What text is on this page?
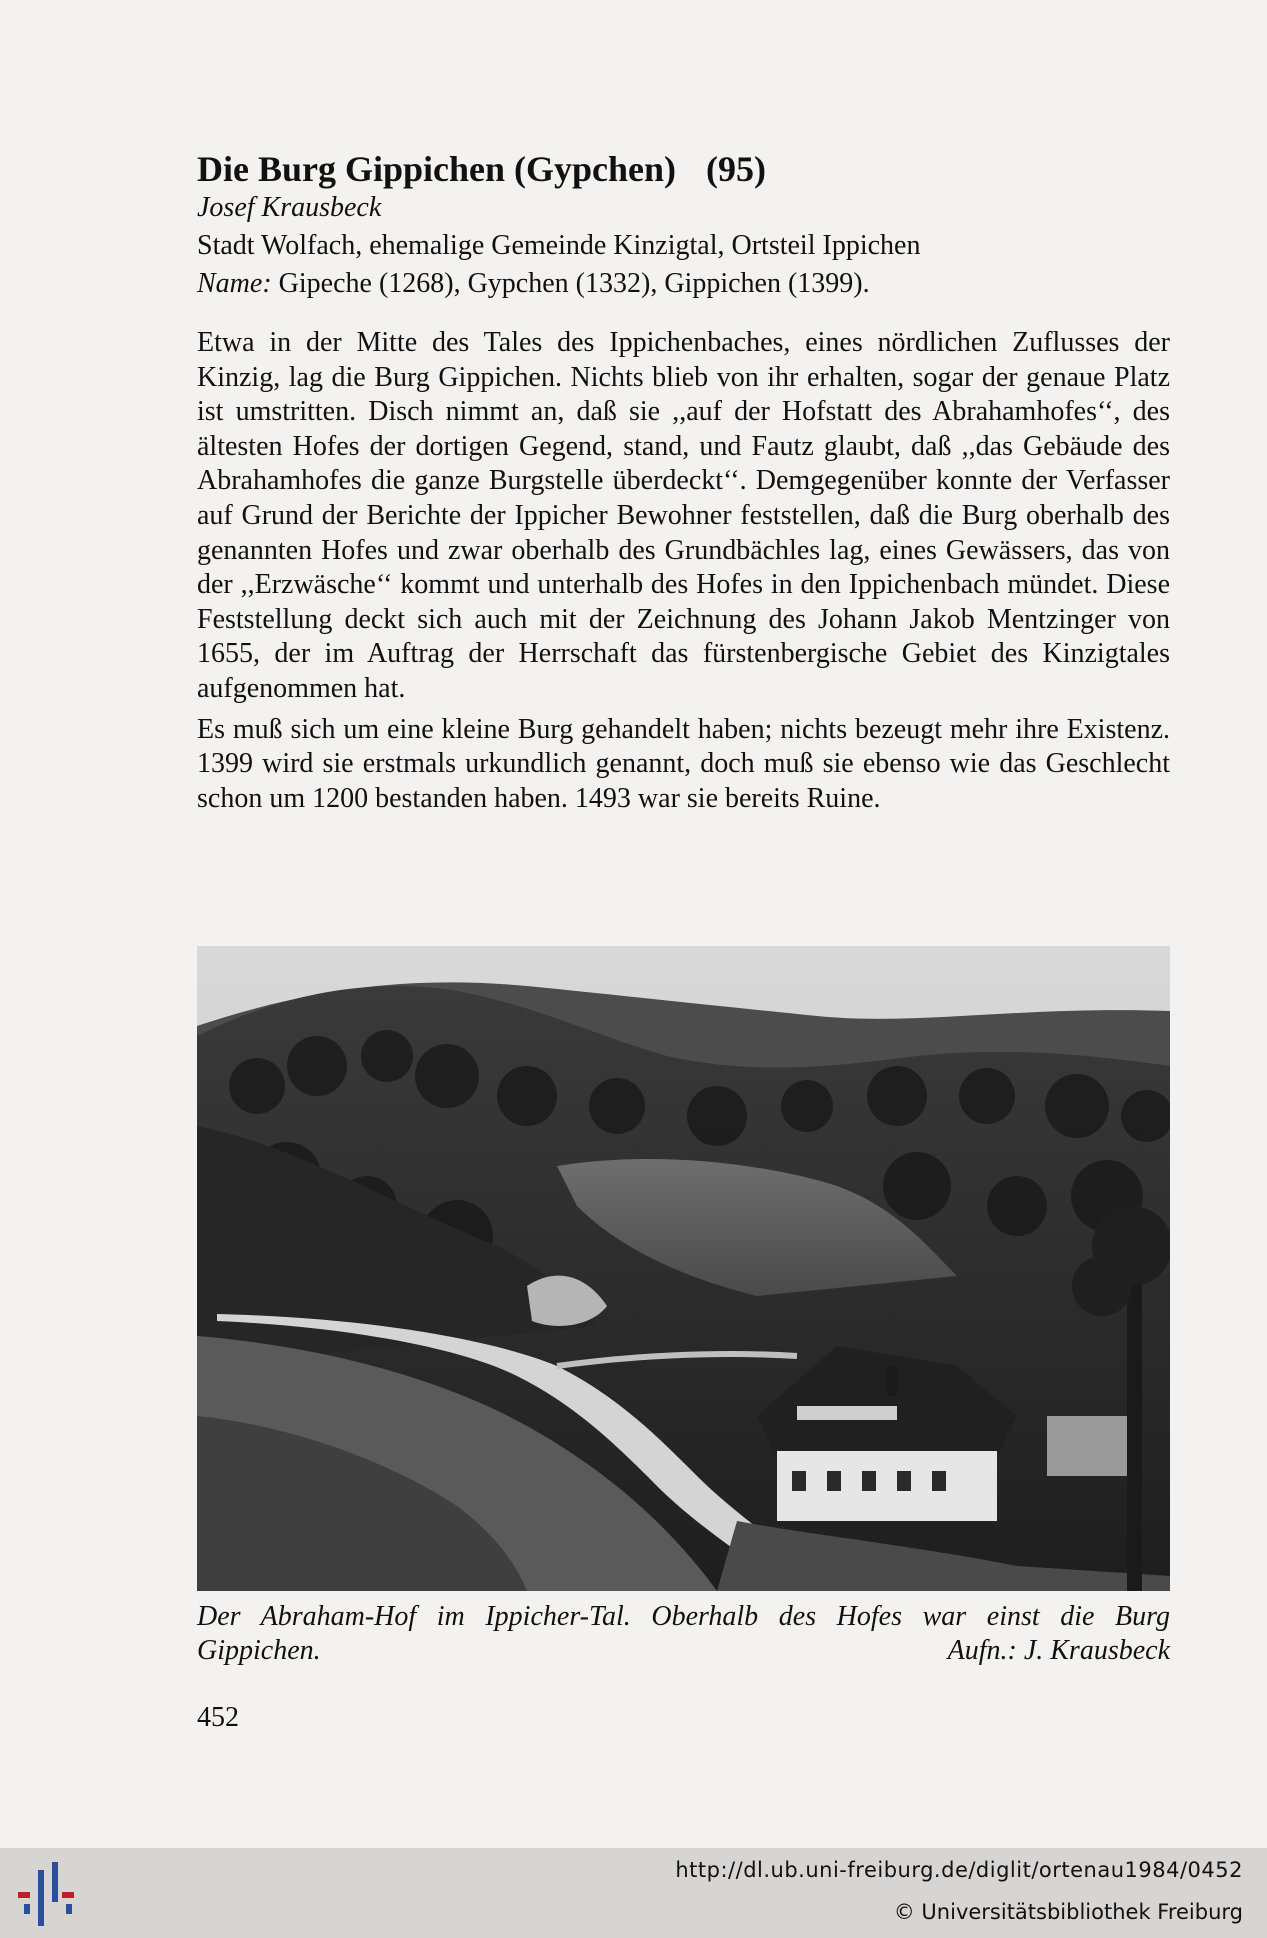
Die Burg Gippichen (Gypchen) (95)
Josef Krausbeck
Stadt Wolfach, ehemalige Gemeinde Kinzigtal, Ortsteil Ippichen
Name: Gipeche (1268), Gypchen (1332), Gippichen (1399).

Etwa in der Mitte des Tales des Ippichenbaches, eines nördlichen Zuflusses der Kinzig, lag die Burg Gippichen. Nichts blieb von ihr erhalten, sogar der genaue Platz ist umstritten. Disch nimmt an, daß sie ,,auf der Hofstatt des Abrahamhofes‘‘, des ältesten Hofes der dortigen Gegend, stand, und Fautz glaubt, daß ,,das Gebäude des Abrahamhofes die ganze Burgstelle überdeckt‘‘. Demgegenüber konnte der Verfasser auf Grund der Berichte der Ippicher Bewohner feststellen, daß die Burg oberhalb des genannten Hofes und zwar oberhalb des Grundbächles lag, eines Gewässers, das von der ,,Erzwäsche‘‘ kommt und unterhalb des Hofes in den Ippichenbach mündet. Diese Feststellung deckt sich auch mit der Zeichnung des Johann Jakob Mentzinger von 1655, der im Auftrag der Herrschaft das fürstenbergische Gebiet des Kinzigtales aufgenommen hat.

Es muß sich um eine kleine Burg gehandelt haben; nichts bezeugt mehr ihre Existenz. 1399 wird sie erstmals urkundlich genannt, doch muß sie ebenso wie das Geschlecht schon um 1200 bestanden haben. 1493 war sie bereits Ruine.

Der Abraham-Hof im Ippicher-Tal. Oberhalb des Hofes war einst die Burg
Gippichen.	Aufn.: J. Krausbeck
452
http://dl.ub.uni-freiburg.de/diglit/ortenau1984/0452
© Universitätsbibliothek Freiburg
